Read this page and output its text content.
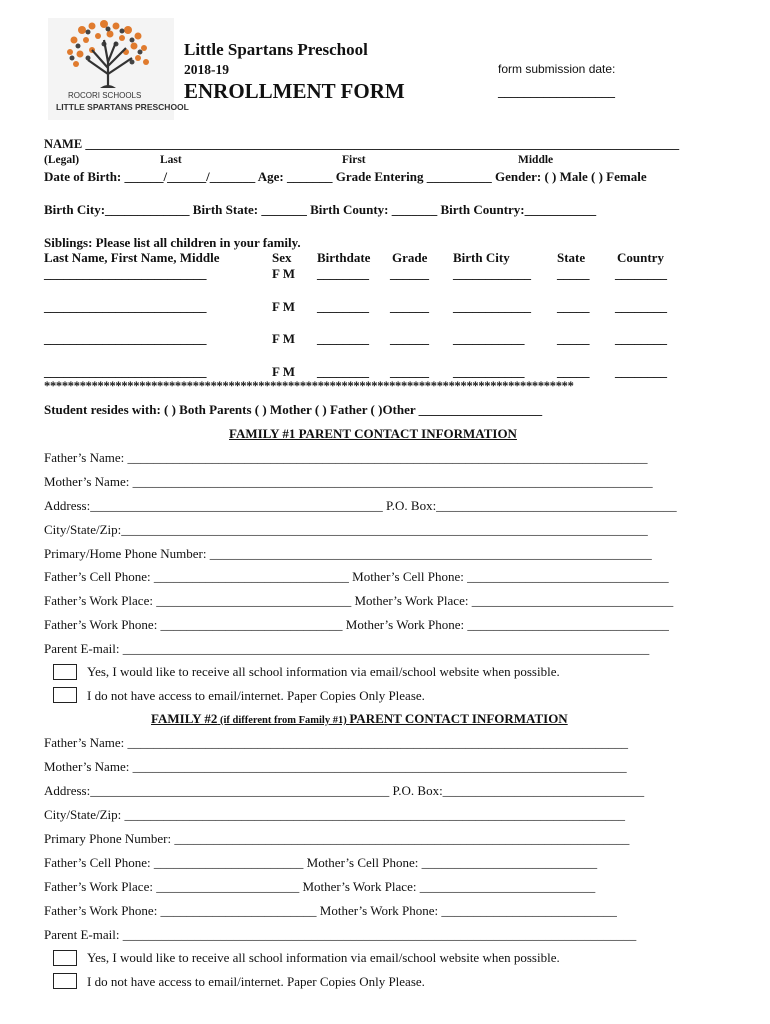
ROCORI SCHOOLS
LITTLE SPARTANS PRESCHOOL
Little Spartans Preschool
2018-19
ENROLLMENT FORM
form submission date:
__________________
NAME _______________________________________________________________________________________________
(Legal)	Last	First	Middle
Date of Birth: ______/______/_______ Age: _______ Grade Entering __________ Gender: ( ) Male ( ) Female
Birth City:_____________ Birth State: _______ Birth County: _______ Birth Country:___________
Siblings: Please list all children in your family.
Last Name, First Name, Middle	Sex Birthdate Grade Birth City	State Country
_________________________	F M ________ ______ ____________ _____ ________
_________________________	F M ________ ______ ____________ _____ ________
_________________________	F M ________ ______ ___________	_____ ________
_________________________	F M ________ ______ ___________	_____ ________
*****************************************************************************************
Student resides with: ( ) Both Parents ( ) Mother ( ) Father ( )Other ___________________
FAMILY #1 PARENT CONTACT INFORMATION
Father’s Name: ________________________________________________________________________________
Mother’s Name: ________________________________________________________________________________
Address:_____________________________________________ P.O. Box:_____________________________________
City/State/Zip:_________________________________________________________________________________
Primary/Home Phone Number: ____________________________________________________________________
Father’s Cell Phone: ______________________________ Mother’s Cell Phone: _______________________________
Father’s Work Place: ______________________________ Mother’s Work Place: _______________________________
Father’s Work Phone: ____________________________ Mother’s Work Phone: _______________________________
Parent E-mail: _________________________________________________________________________________
Yes, I would like to receive all school information via email/school website when possible.
I do not have access to email/internet. Paper Copies Only Please.
FAMILY #2 (if different from Family #1) PARENT CONTACT INFORMATION
Father’s Name: _____________________________________________________________________________
Mother’s Name: ____________________________________________________________________________
Address:______________________________________________ P.O. Box:_______________________________
City/State/Zip: _____________________________________________________________________________
Primary Phone Number: ______________________________________________________________________
Father’s Cell Phone: _______________________ Mother’s Cell Phone: ___________________________
Father’s Work Place: ______________________ Mother’s Work Place: ___________________________
Father’s Work Phone: ________________________ Mother’s Work Phone: ___________________________
Parent E-mail: _______________________________________________________________________________
Yes, I would like to receive all school information via email/school website when possible.
I do not have access to email/internet. Paper Copies Only Please.
